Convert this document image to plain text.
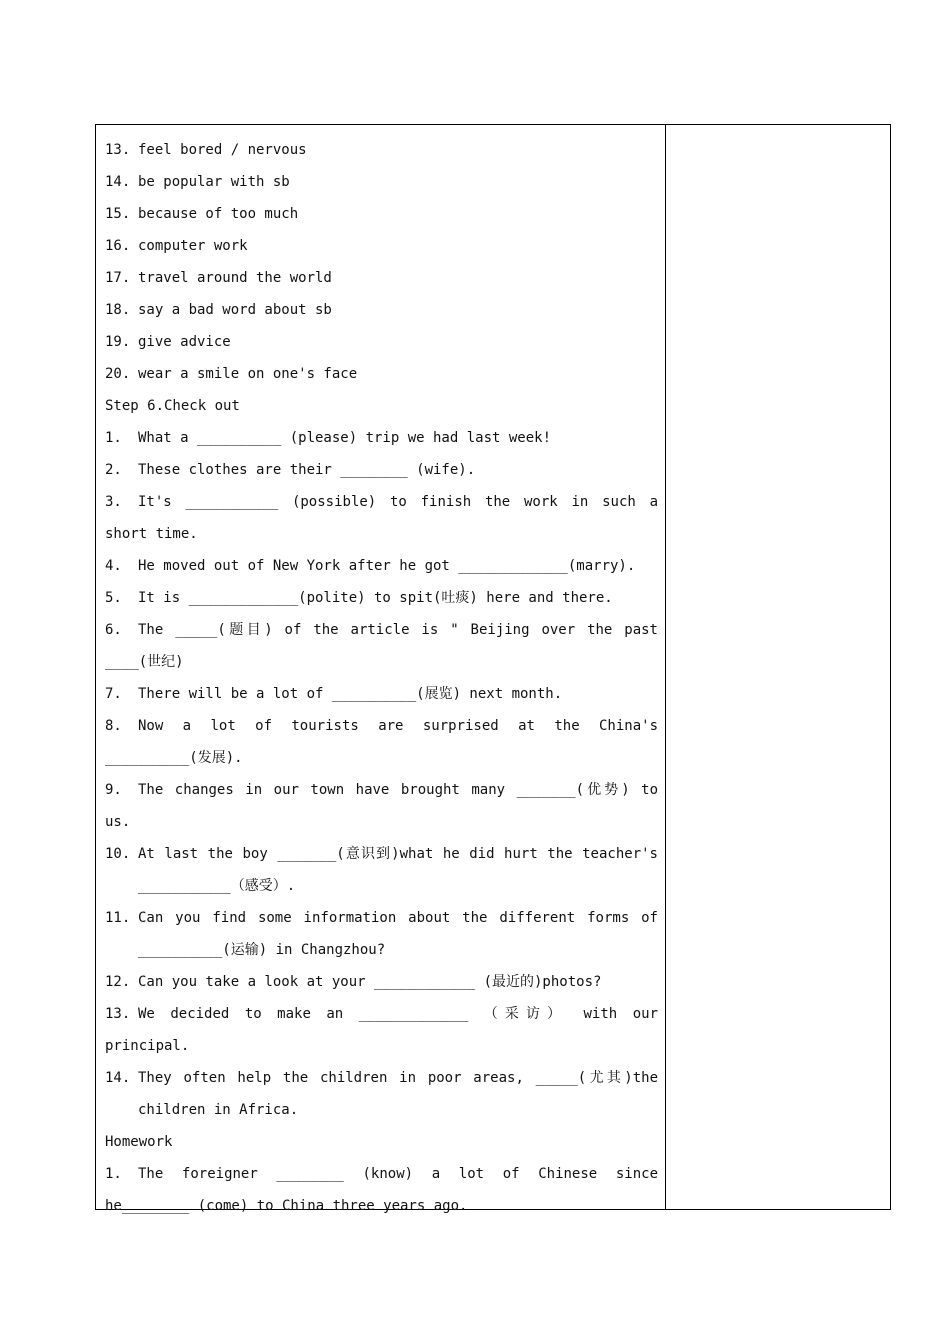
13. feel bored / nervous
14. be popular with sb
15. because of too much
16. computer work
17. travel around the world
18. say a bad word about sb
19. give advice
20. wear a smile on one's face
Step 6.Check out
1. What a __________ (please) trip we had last week!
2. These clothes are their ________ (wife).
3.	It's ___________ (possible) to finish the work in such a
short time.
4. He moved out of New York after he got _____________(marry).
5. It is _____________(polite) to spit(吐痰) here and there.
6.	The _____(题目) of the article is " Beijing over the past
____(世纪)
7. There will be a lot of __________(展览) next month.
8.	Now a lot of tourists are surprised at the China's
__________(发展).
9.	The changes in our town have brought many _______(优势) to
us.
10. At last the boy _______(意识到)what he did hurt the teacher's
___________（感受）.
11. Can you find some information about the different forms of
__________(运输) in Changzhou?
12. Can you take a look at your ____________ (最近的)photos?
13. We decided to make an _____________ （采访） with our
principal.
14. They often help the children in poor areas, _____(尤其)the
children in Africa.
Homework
1.	The foreigner ________ (know) a lot of Chinese since
he________ (come) to China three years ago.
